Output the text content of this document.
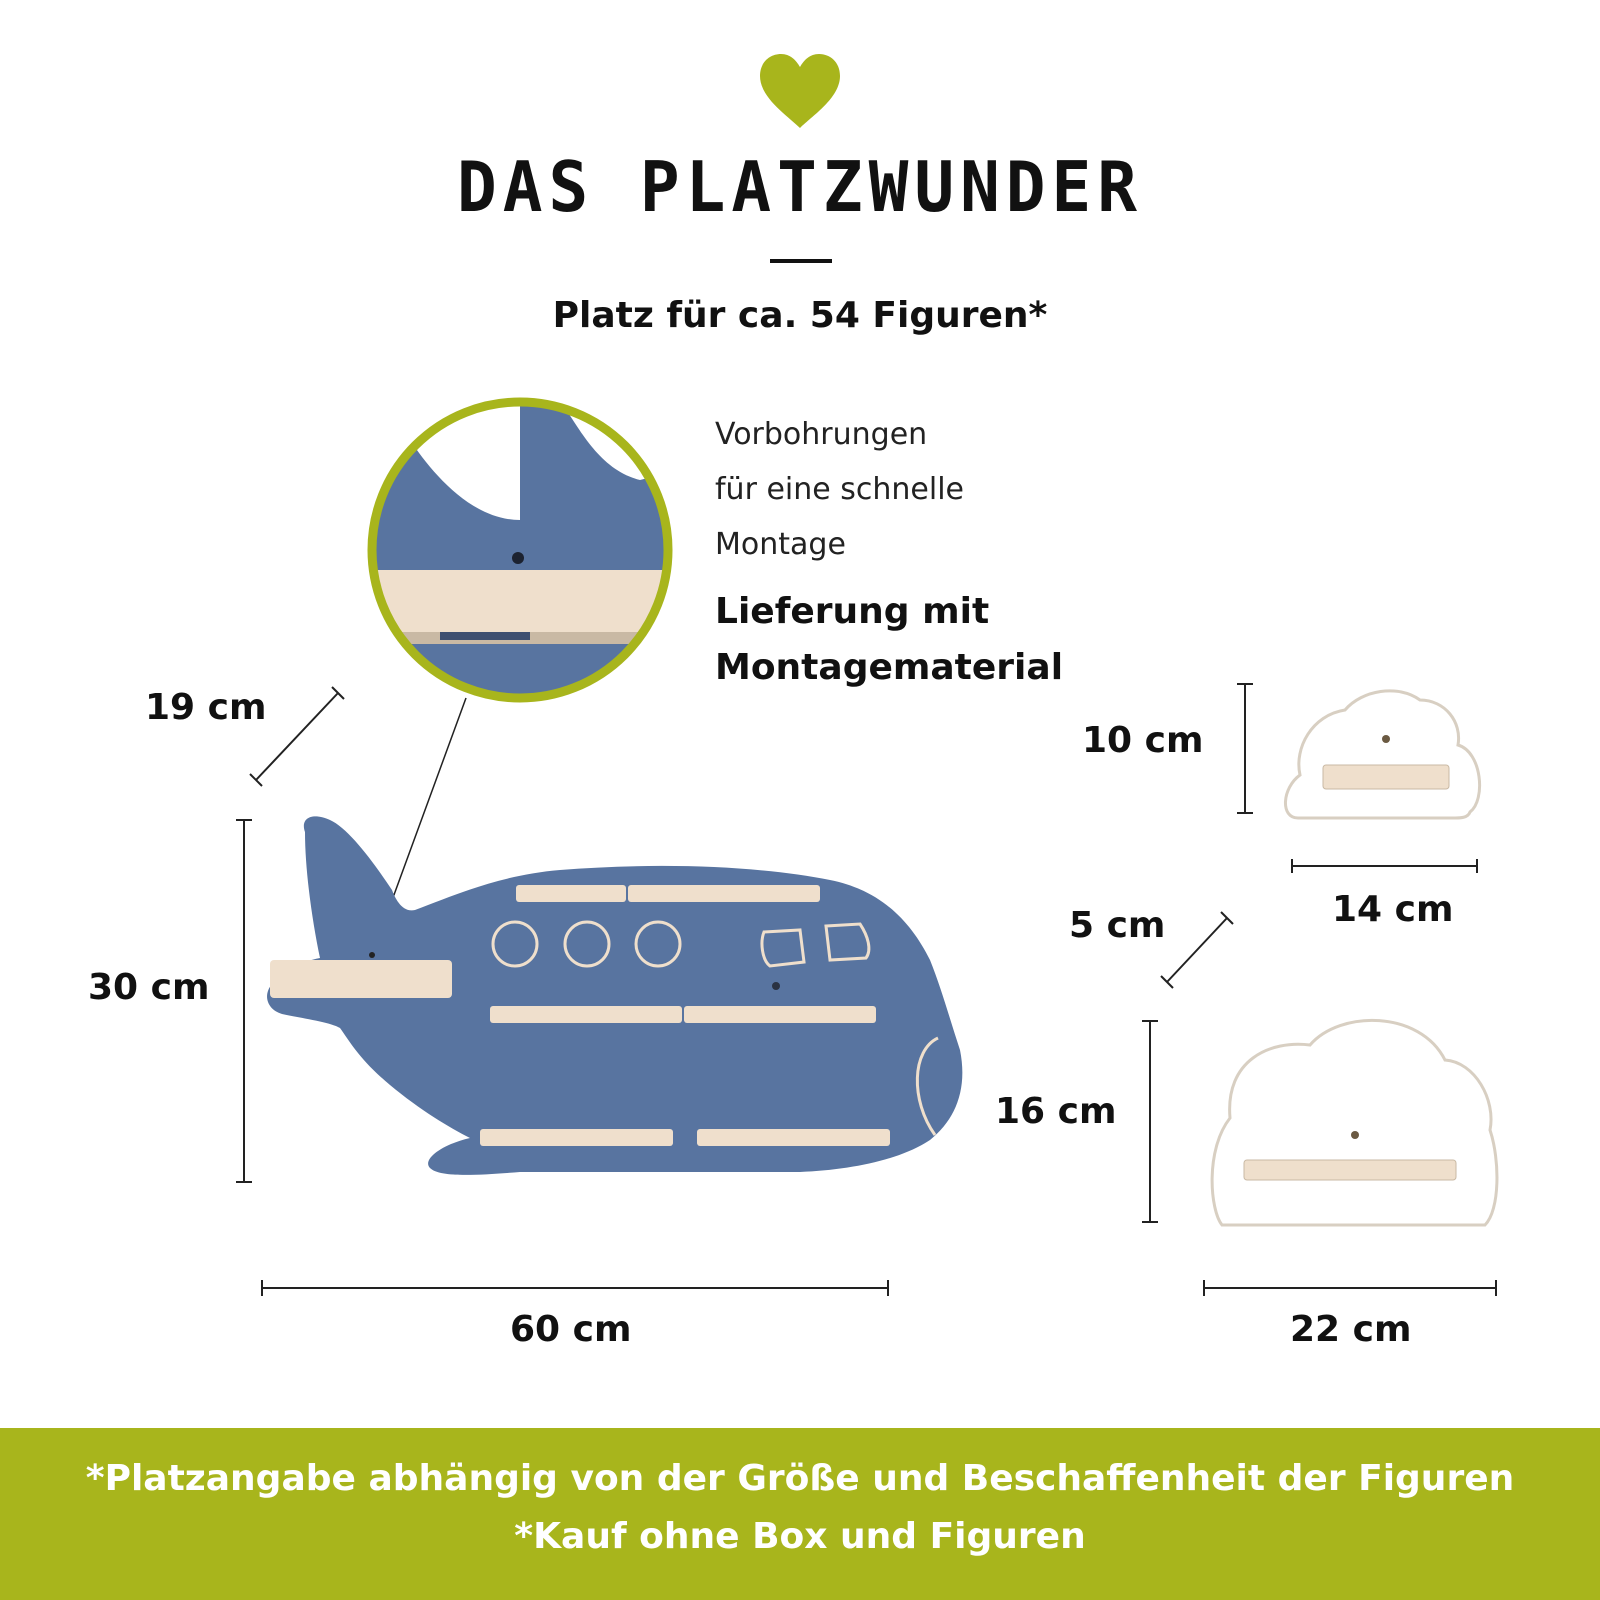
DAS PLATZWUNDER
Platz für ca. 54 Figuren*
Vorbohrungen
für eine schnelle
Montage
Lieferung mit
Montagematerial
19 cm
30 cm
60 cm
10 cm
14 cm
5 cm
16 cm
22 cm
*Platzangabe abhängig von der Größe und Beschaffenheit der Figuren
*Kauf ohne Box und Figuren
